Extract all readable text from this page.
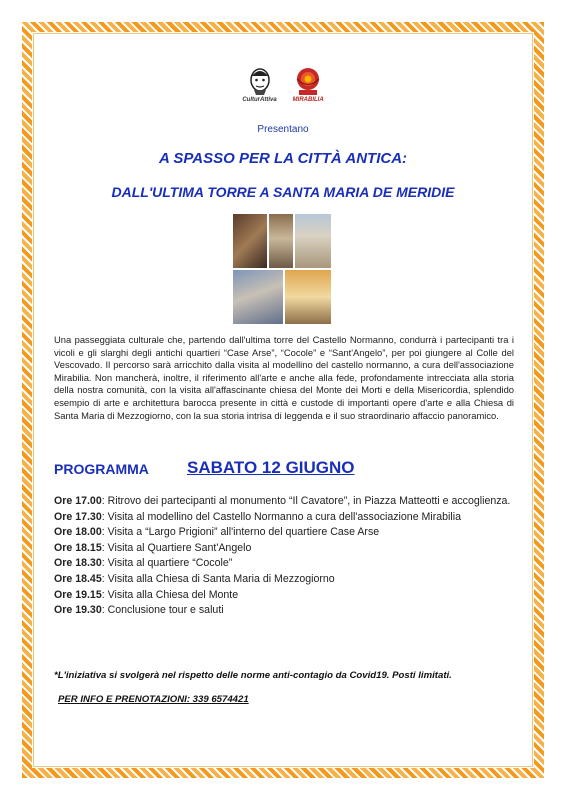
CulturAttiva	MIRABILIA
Presentano
A SPASSO PER LA CITTÀ ANTICA:
DALL'ULTIMA TORRE A SANTA MARIA DE MERIDIE
Una passeggiata culturale che, partendo dall'ultima torre del Castello Normanno, condurrà i partecipanti tra i vicoli e gli slarghi degli antichi quartieri “Case Arse”, “Cocole” e “Sant'Angelo”, per poi giungere al Colle del Vescovado. Il percorso sarà arricchito dalla visita al modellino del castello normanno, a cura dell'associazione Mirabilia. Non mancherà, inoltre, il riferimento all'arte e anche alla fede, profondamente intrecciata alla storia della nostra comunità, con la visita all'affascinante chiesa del Monte dei Morti e della Misericordia, splendido esempio di arte e architettura barocca presente in città e custode di importanti opere d'arte e alla Chiesa di Santa Maria di Mezzogiorno, con la sua storia intrisa di leggenda e il suo straordinario affaccio panoramico.
PROGRAMMA SABATO 12 GIUGNO

Ore 17.00: Ritrovo dei partecipanti al monumento “Il Cavatore”, in Piazza Matteotti e accoglienza.

Ore 17.30: Visita al modellino del Castello Normanno a cura dell'associazione Mirabilia

Ore 18.00: Visita a “Largo Prigioni” all'interno del quartiere Case Arse

Ore 18.15: Visita al Quartiere Sant'Angelo

Ore 18.30: Visita al quartiere “Cocole”

Ore 18.45: Visita alla Chiesa di Santa Maria di Mezzogiorno

Ore 19.15: Visita alla Chiesa del Monte

Ore 19.30: Conclusione tour e saluti

*L'iniziativa si svolgerà nel rispetto delle norme anti-contagio da Covid19. Posti limitati.
PER INFO E PRENOTAZIONI: 339 6574421
